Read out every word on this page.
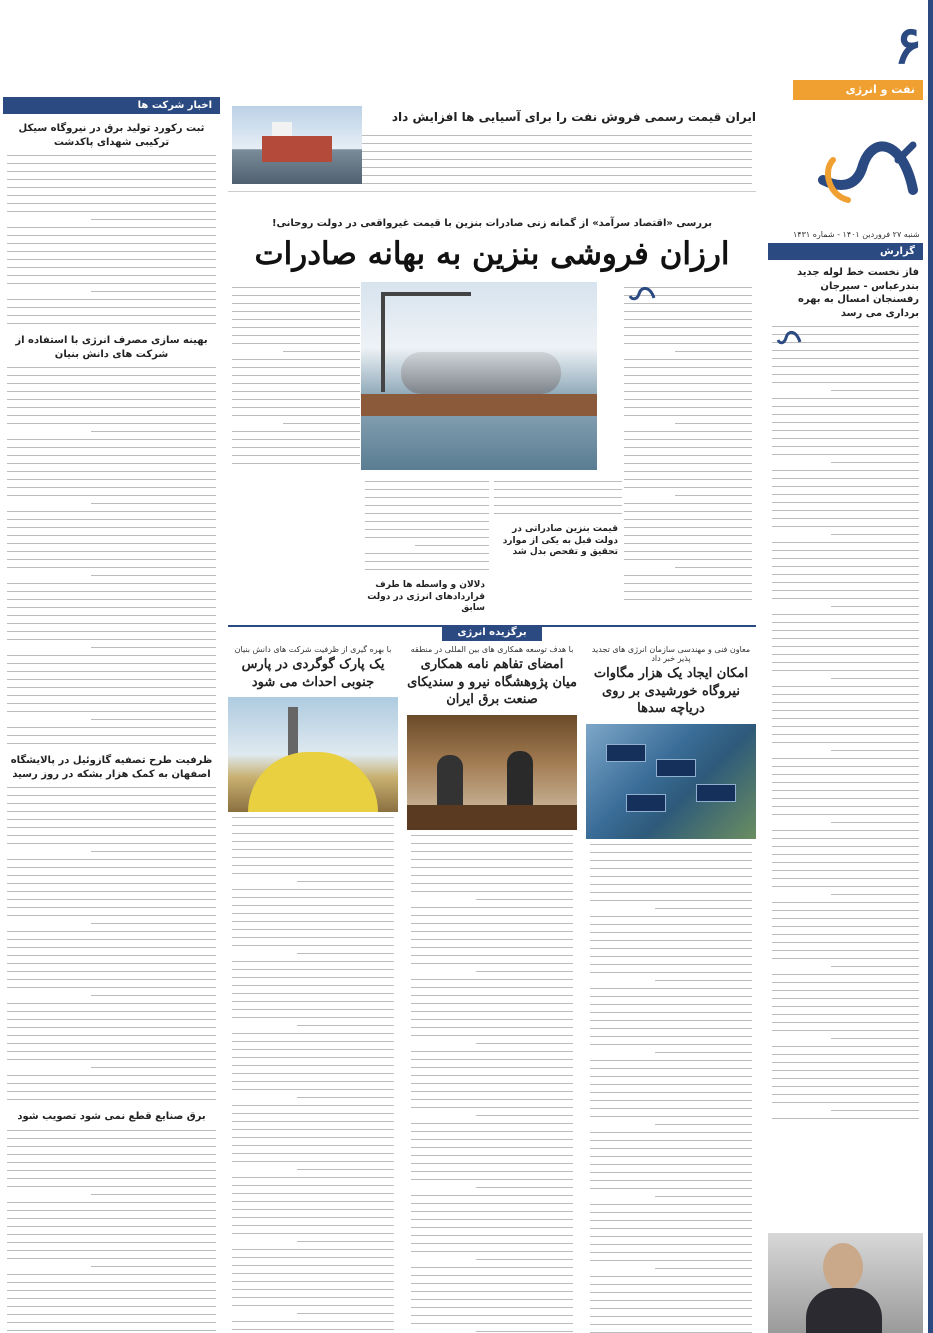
۶
نفت و انرژی
شنبه ۲۷ فروردین ۱۴۰۱ - شماره ۱۴۳۱
گزارش
فاز نخست خط لوله جدید بندرعباس - سیرجان رفسنجان امسال به بهره برداری می رسد
اخبار شرکت ها
ثبت رکورد تولید برق در نیروگاه سیکل ترکیبی شهدای پاکدشت
بهینه سازی مصرف انرژی با استفاده از شرکت های دانش بنیان
ظرفیت طرح تصفیه گازوئیل در پالایشگاه اصفهان به کمک هزار بشکه در روز رسید
برق صنایع قطع نمی شود تصویب شود
ایران قیمت رسمی فروش نفت را برای آسیایی ها افزایش داد
بررسی «اقتصاد سرآمد» از گمانه زنی صادرات بنزین با قیمت غیرواقعی در دولت روحانی!
ارزان فروشی بنزین به بهانه صادرات
قیمت بنزین صادراتی در دولت قبل به یکی از موارد تحقیق و تفحص بدل شد
دلالان و واسطه ها طرف قراردادهای انرژی در دولت سابق
برگزیده انرژی
معاون فنی و مهندسی سازمان انرژی های تجدید پذیر خبر داد
امکان ایجاد یک هزار مگاوات نیروگاه خورشیدی بر روی دریاچه سدها
با هدف توسعه همکاری های بین المللی در منطقه
امضای تفاهم نامه همکاری میان پژوهشگاه نیرو و سندیکای صنعت برق ایران
با بهره گیری از ظرفیت شرکت های دانش بنیان
یک پارک گوگردی در پارس جنوبی احداث می شود
